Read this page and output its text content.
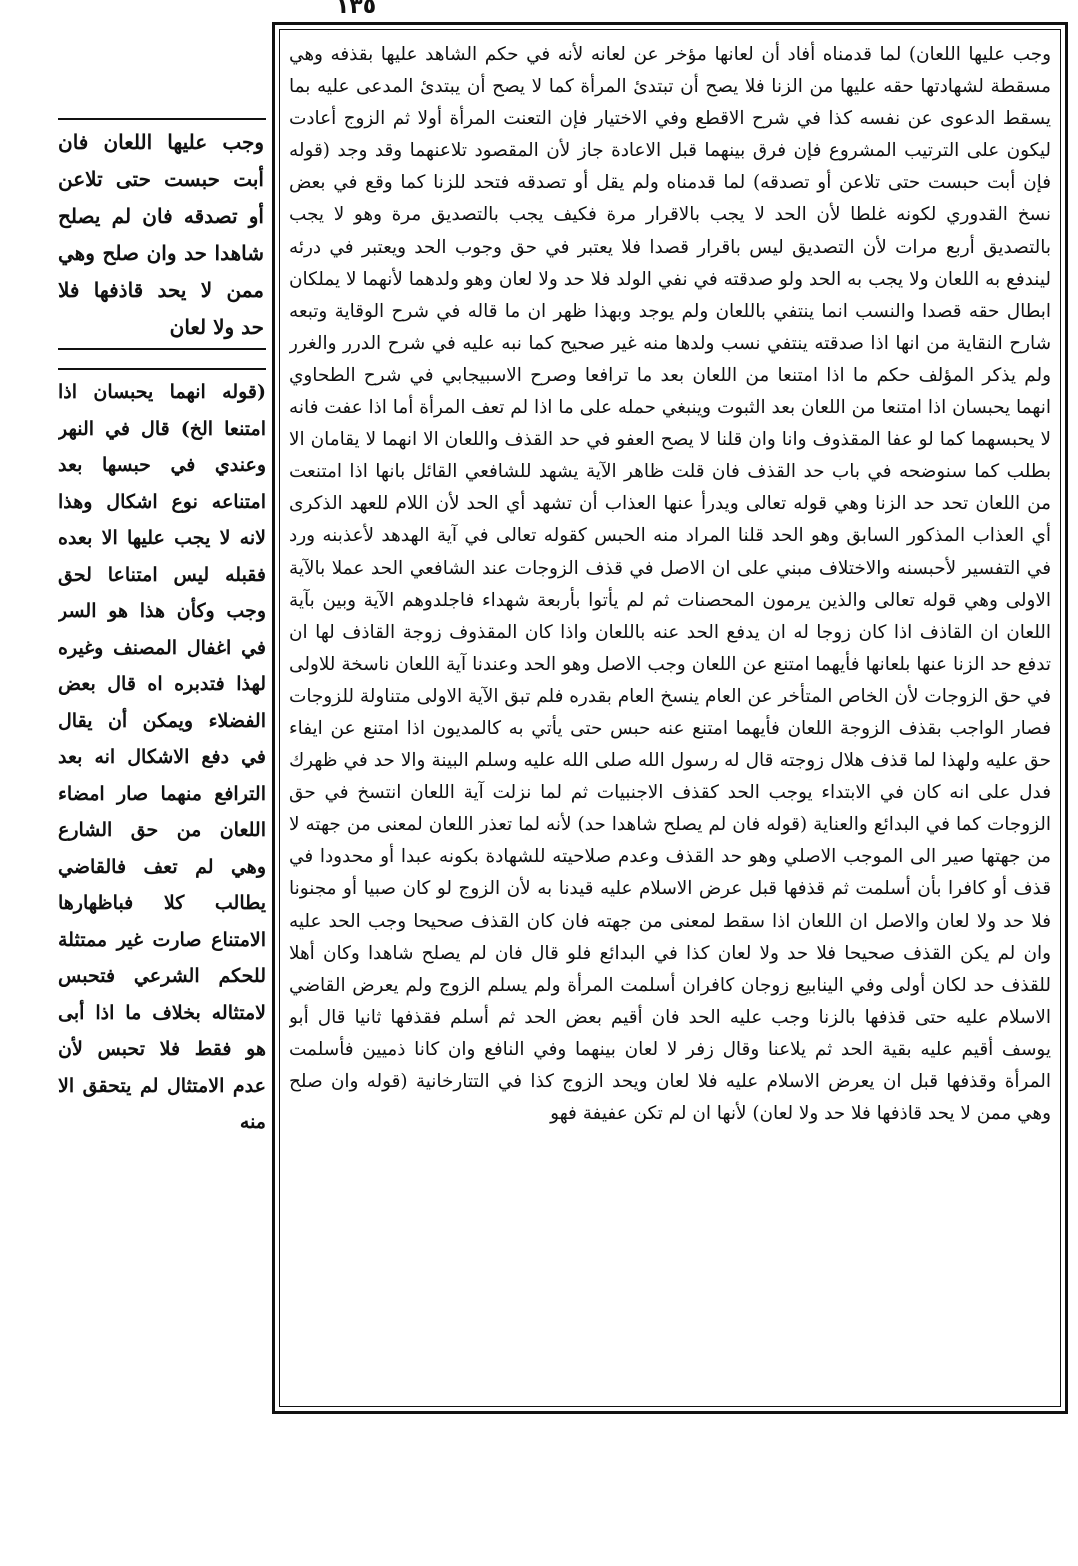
١٣٥

وجب عليها اللعان فان أبت حبست حتى تلاعن أو تصدقه فان لم يصلح شاهدا حد وان صلح وهي ممن لا يحد قاذفها فلا حد ولا لعان

(قوله انهما يحبسان اذا امتنعا الخ) قال في النهر وعندي في حبسها بعد امتناعه نوع اشكال وهذا لانه لا يجب عليها الا بعده فقبله ليس امتناعا لحق وجب وكأن هذا هو السر في اغفال المصنف وغيره لهذا فتدبره اه قال بعض الفضلاء ويمكن أن يقال في دفع الاشكال انه بعد الترافع منهما صار امضاء اللعان من حق الشارع وهي لم تعف فالقاضي يطالب كلا فباظهارها الامتناع صارت غير ممتثلة للحكم الشرعي فتحبس لامتثاله بخلاف ما اذا أبى هو فقط فلا تحبس لأن عدم الامتثال لم يتحقق الا منه

وجب عليها اللعان) لما قدمناه أفاد أن لعانها مؤخر عن لعانه لأنه في حكم الشاهد عليها بقذفه وهي مسقطة لشهادتها حقه عليها من الزنا فلا يصح أن تبتدئ المرأة كما لا يصح أن يبتدئ المدعى عليه بما يسقط الدعوى عن نفسه كذا في شرح الاقطع وفي الاختيار فإن التعنت المرأة أولا ثم الزوج أعادت ليكون على الترتيب المشروع فإن فرق بينهما قبل الاعادة جاز لأن المقصود تلاعنهما وقد وجد (قوله فإن أبت حبست حتى تلاعن أو تصدقه) لما قدمناه ولم يقل أو تصدقه فتحد للزنا كما وقع في بعض نسخ القدوري لكونه غلطا لأن الحد لا يجب بالاقرار مرة فكيف يجب بالتصديق مرة وهو لا يجب بالتصديق أربع مرات لأن التصديق ليس باقرار قصدا فلا يعتبر في حق وجوب الحد ويعتبر في درئه ليندفع به اللعان ولا يجب به الحد ولو صدقته في نفي الولد فلا حد ولا لعان وهو ولدهما لأنهما لا يملكان ابطال حقه قصدا والنسب انما ينتفي باللعان ولم يوجد وبهذا ظهر ان ما قاله في شرح الوقاية وتبعه شارح النقاية من انها اذا صدقته ينتفي نسب ولدها منه غير صحيح كما نبه عليه في شرح الدرر والغرر ولم يذكر المؤلف حكم ما اذا امتنعا من اللعان بعد ما ترافعا وصرح الاسبيجابي في شرح الطحاوي انهما يحبسان اذا امتنعا من اللعان بعد الثبوت وينبغي حمله على ما اذا لم تعف المرأة أما اذا عفت فانه لا يحبسهما كما لو عفا المقذوف وانا وان قلنا لا يصح العفو في حد القذف واللعان الا انهما لا يقامان الا بطلب كما سنوضحه في باب حد القذف فان قلت ظاهر الآية يشهد للشافعي القائل بانها اذا امتنعت من اللعان تحد حد الزنا وهي قوله تعالى ويدرأ عنها العذاب أن تشهد أي الحد لأن اللام للعهد الذكرى أي العذاب المذكور السابق وهو الحد قلنا المراد منه الحبس كقوله تعالى في آية الهدهد لأعذبنه ورد في التفسير لأحبسنه والاختلاف مبني على ان الاصل في قذف الزوجات عند الشافعي الحد عملا بالآية الاولى وهي قوله تعالى والذين يرمون المحصنات ثم لم يأتوا بأربعة شهداء فاجلدوهم الآية وبين بآية اللعان ان القاذف اذا كان زوجا له ان يدفع الحد عنه باللعان واذا كان المقذوف زوجة القاذف لها ان تدفع حد الزنا عنها بلعانها فأيهما امتنع عن اللعان وجب الاصل وهو الحد وعندنا آية اللعان ناسخة للاولى في حق الزوجات لأن الخاص المتأخر عن العام ينسخ العام بقدره فلم تبق الآية الاولى متناولة للزوجات فصار الواجب بقذف الزوجة اللعان فأيهما امتنع عنه حبس حتى يأتي به كالمديون اذا امتنع عن ايفاء حق عليه ولهذا لما قذف هلال زوجته قال له رسول الله صلى الله عليه وسلم البينة والا حد في ظهرك فدل على انه كان في الابتداء يوجب الحد كقذف الاجنبيات ثم لما نزلت آية اللعان انتسخ في حق الزوجات كما في البدائع والعناية (قوله فان لم يصلح شاهدا حد) لأنه لما تعذر اللعان لمعنى من جهته لا من جهتها صير الى الموجب الاصلي وهو حد القذف وعدم صلاحيته للشهادة بكونه عبدا أو محدودا في قذف أو كافرا بأن أسلمت ثم قذفها قبل عرض الاسلام عليه قيدنا به لأن الزوج لو كان صبيا أو مجنونا فلا حد ولا لعان والاصل ان اللعان اذا سقط لمعنى من جهته فان كان القذف صحيحا وجب الحد عليه وان لم يكن القذف صحيحا فلا حد ولا لعان كذا في البدائع فلو قال فان لم يصلح شاهدا وكان أهلا للقذف حد لكان أولى وفي الينابيع زوجان كافران أسلمت المرأة ولم يسلم الزوج ولم يعرض القاضي الاسلام عليه حتى قذفها بالزنا وجب عليه الحد فان أقيم بعض الحد ثم أسلم فقذفها ثانيا قال أبو يوسف أقيم عليه بقية الحد ثم يلاعنا وقال زفر لا لعان بينهما وفي النافع وان كانا ذميين فأسلمت المرأة وقذفها قبل ان يعرض الاسلام عليه فلا لعان ويحد الزوج كذا في التتارخانية (قوله وان صلح وهي ممن لا يحد قاذفها فلا حد ولا لعان) لأنها ان لم تكن عفيفة فهو
